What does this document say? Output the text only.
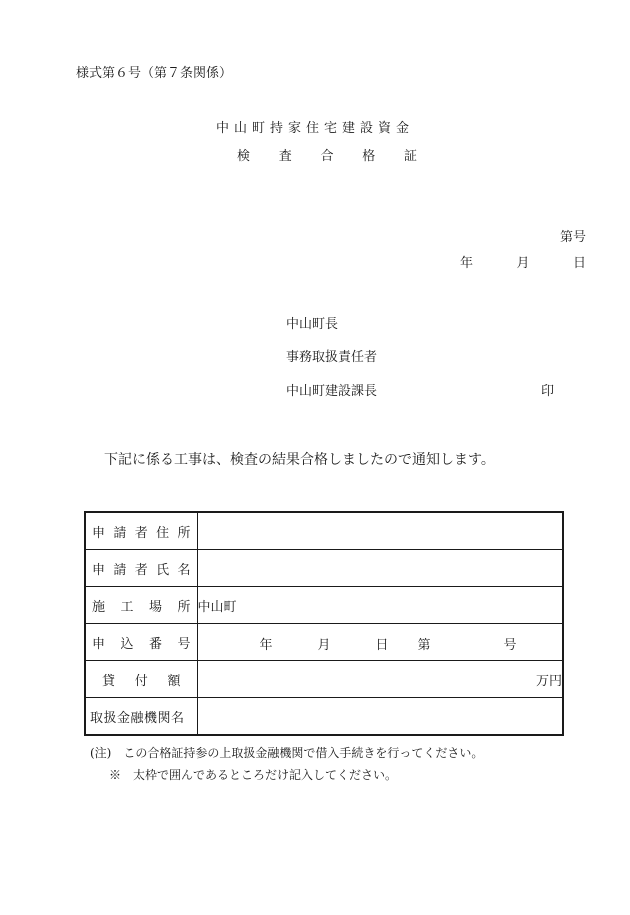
様式第６号（第７条関係）
中山町持家住宅建設資金
検 査 合 格 証
第号
年	月	日
中山町長
事務取扱責任者
中山町建設課長	印
下記に係る工事は、検査の結果合格しましたので通知します。
申 請 者 住 所	

申 請 者 氏 名	

施 工 場 所	中山町

申 込 番 号	年 月 日 第 号

貸 付 額	万円
取扱金融機関名	
(注)　この合格証持参の上取扱金融機関で借入手続きを行ってください。
※　太枠で囲んであるところだけ記入してください。
